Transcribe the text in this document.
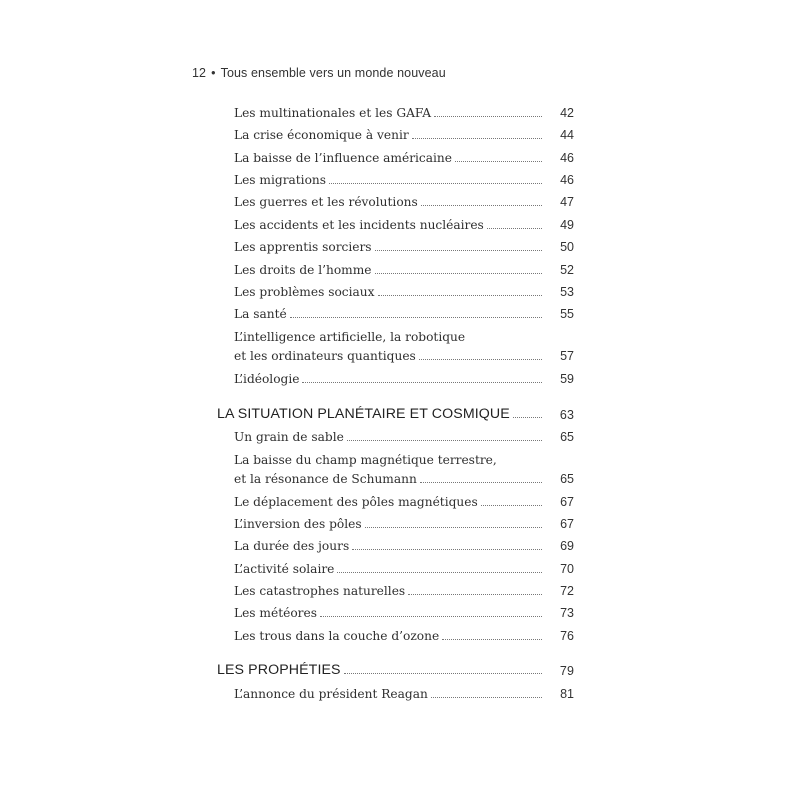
12 • Tous ensemble vers un monde nouveau
Les multinationales et les GAFA	42
La crise économique à venir	44
La baisse de l’influence américaine	46
Les migrations	46
Les guerres et les révolutions	47
Les accidents et les incidents nucléaires	49
Les apprentis sorciers	50
Les droits de l’homme	52
Les problèmes sociaux	53
La santé	55
L’intelligence artificielle, la robotique
et les ordinateurs quantiques	57
L’idéologie	59
LA SITUATION PLANÉTAIRE ET COSMIQUE	63
Un grain de sable	65
La baisse du champ magnétique terrestre,
et la résonance de Schumann	65
Le déplacement des pôles magnétiques	67
L’inversion des pôles	67
La durée des jours	69
L’activité solaire	70
Les catastrophes naturelles	72
Les météores	73
Les trous dans la couche d’ozone	76
LES PROPHÉTIES	79
L’annonce du président Reagan	81
